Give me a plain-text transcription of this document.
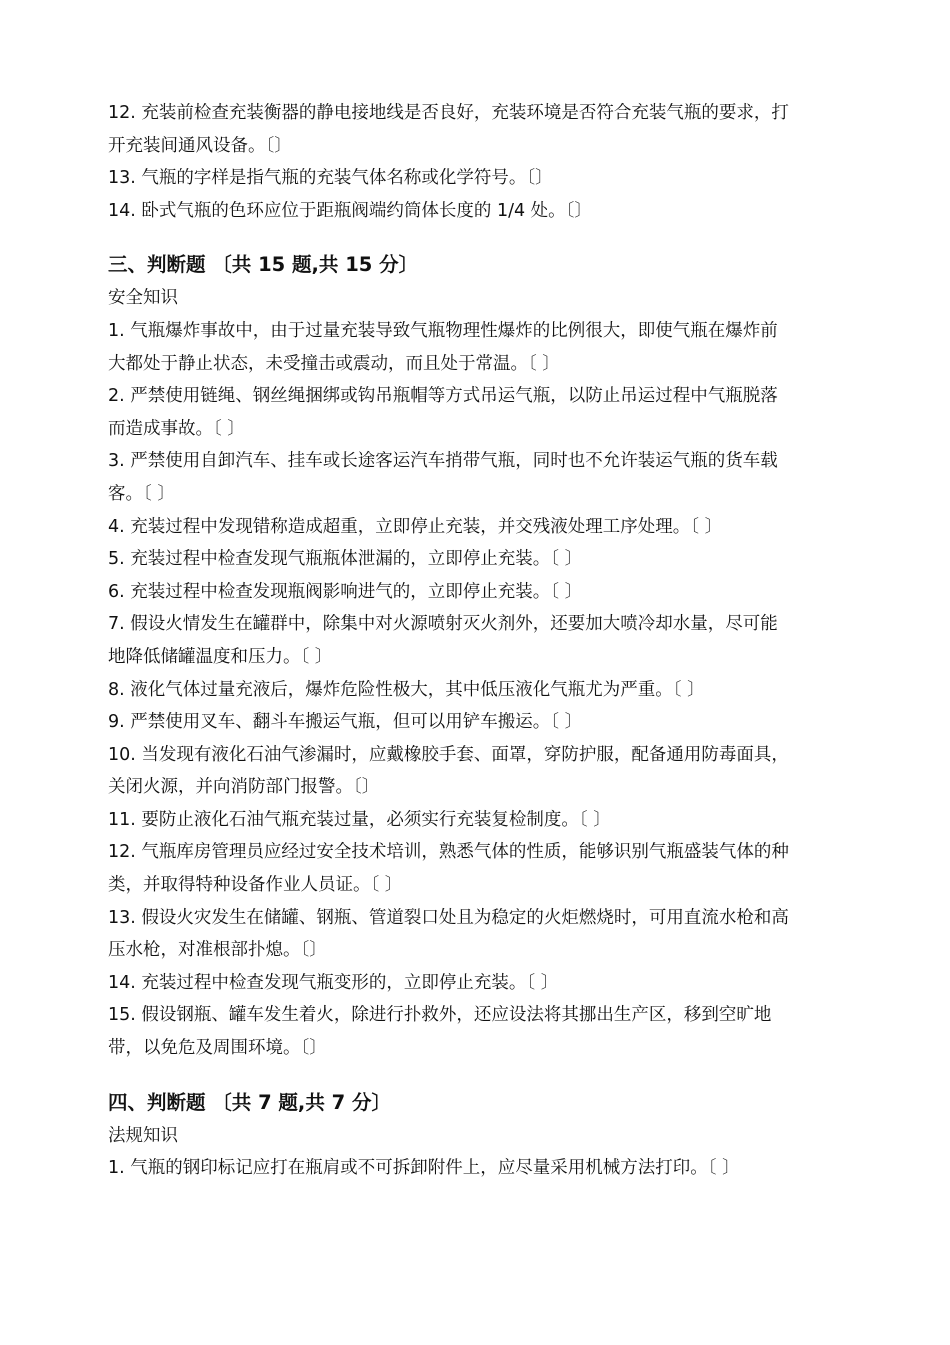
12. 充装前检查充装衡器的静电接地线是否良好，充装环境是否符合充装气瓶的要求，打
开充装间通风设备。〔〕
13. 气瓶的字样是指气瓶的充装气体名称或化学符号。〔〕
14. 卧式气瓶的色环应位于距瓶阀端约筒体长度的 1/4 处。〔〕
三、判断题 〔共 15 题,共 15 分〕
安全知识
1. 气瓶爆炸事故中，由于过量充装导致气瓶物理性爆炸的比例很大，即使气瓶在爆炸前
大都处于静止状态，未受撞击或震动，而且处于常温。〔 〕
2. 严禁使用链绳、钢丝绳捆绑或钩吊瓶帽等方式吊运气瓶，以防止吊运过程中气瓶脱落
而造成事故。〔 〕
3. 严禁使用自卸汽车、挂车或长途客运汽车捎带气瓶，同时也不允许装运气瓶的货车载
客。〔 〕
4. 充装过程中发现错称造成超重，立即停止充装，并交残液处理工序处理。〔 〕
5. 充装过程中检查发现气瓶瓶体泄漏的，立即停止充装。〔 〕
6. 充装过程中检查发现瓶阀影响进气的，立即停止充装。〔 〕
7. 假设火情发生在罐群中，除集中对火源喷射灭火剂外，还要加大喷冷却水量，尽可能
地降低储罐温度和压力。〔 〕
8. 液化气体过量充液后，爆炸危险性极大，其中低压液化气瓶尤为严重。〔 〕
9. 严禁使用叉车、翻斗车搬运气瓶，但可以用铲车搬运。〔 〕
10. 当发现有液化石油气渗漏时，应戴橡胶手套、面罩，穿防护服，配备通用防毒面具，
关闭火源，并向消防部门报警。〔〕
11. 要防止液化石油气瓶充装过量，必须实行充装复检制度。〔 〕
12. 气瓶库房管理员应经过安全技术培训，熟悉气体的性质，能够识别气瓶盛装气体的种
类，并取得特种设备作业人员证。〔 〕
13. 假设火灾发生在储罐、钢瓶、管道裂口处且为稳定的火炬燃烧时，可用直流水枪和高
压水枪，对准根部扑熄。〔〕
14. 充装过程中检查发现气瓶变形的，立即停止充装。〔 〕
15. 假设钢瓶、罐车发生着火，除进行扑救外，还应设法将其挪出生产区，移到空旷地
带，以免危及周围环境。〔〕
四、判断题 〔共 7 题,共 7 分〕
法规知识
1. 气瓶的钢印标记应打在瓶肩或不可拆卸附件上，应尽量采用机械方法打印。〔 〕
